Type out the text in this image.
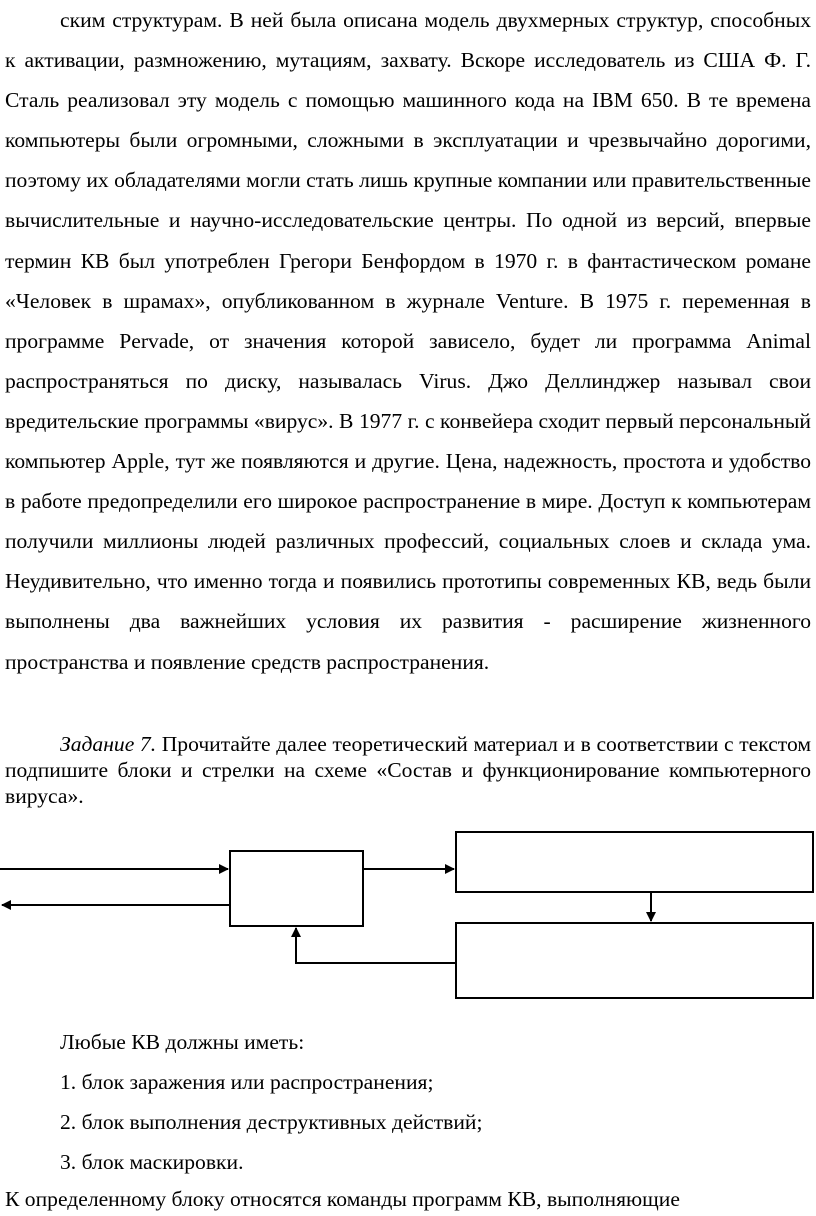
ским структурам. В ней была описана модель двухмерных структур, способных к активации, размножению, мутациям, захвату. Вскоре исследователь из США Ф. Г. Сталь реализовал эту модель с помощью машинного кода на IBM 650. В те времена компьютеры были огромными, сложными в эксплуатации и чрезвычайно дорогими, поэтому их обладателями могли стать лишь крупные компании или правительственные вычислительные и научно-исследовательские центры. По одной из версий, впервые термин КВ был употреблен Грегори Бенфордом в 1970 г. в фантастическом романе «Человек в шрамах», опубликованном в журнале Venture. В 1975 г. переменная в программе Pervade, от значения которой зависело, будет ли программа Animal распространяться по диску, называлась Virus. Джо Деллинджер называл свои вредительские программы «вирус». В 1977 г. с конвейера сходит первый персональный компьютер Apple, тут же появляются и другие. Цена, надежность, простота и удобство в работе предопределили его широкое распространение в мире. Доступ к компьютерам получили миллионы людей различных профессий, социальных слоев и склада ума. Неудивительно, что именно тогда и появились прототипы современных КВ, ведь были выполнены два важнейших условия их развития - расширение жизненного пространства и появление средств распространения.

Задание 7. Прочитайте далее теоретический материал и в соответствии с текстом подпишите блоки и стрелки на схеме «Состав и функционирование компьютерного вируса».

Любые КВ должны иметь:
1. блок заражения или распространения;
2. блок выполнения деструктивных действий;
3. блок маскировки.
К определенному блоку относятся команды программ КВ, выполняющие
